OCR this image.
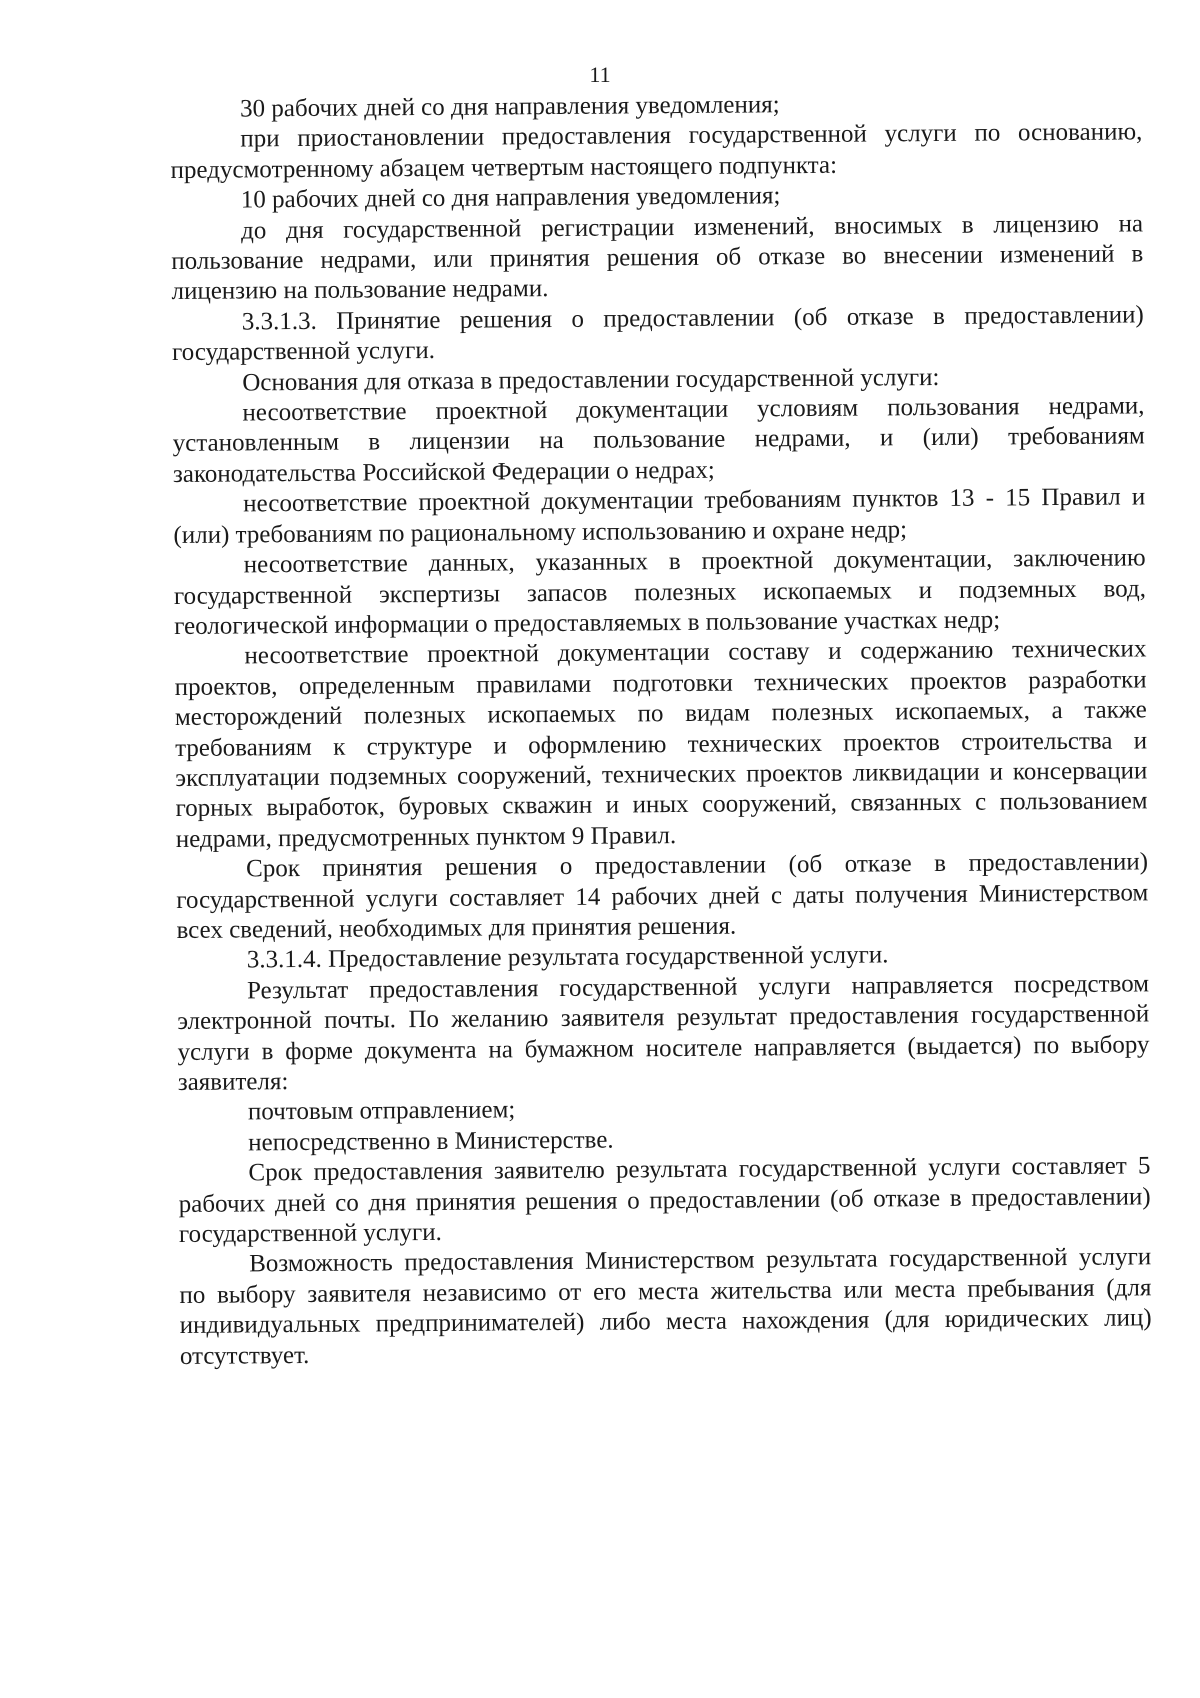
11

30 рабочих дней со дня направления уведомления;

при приостановлении предоставления государственной услуги по основанию, предусмотренному абзацем четвертым настоящего подпункта:

10 рабочих дней со дня направления уведомления;

до дня государственной регистрации изменений, вносимых в лицензию на пользование недрами, или принятия решения об отказе во внесении изменений в лицензию на пользование недрами.

3.3.1.3. Принятие решения о предоставлении (об отказе в предоставлении) государственной услуги.

Основания для отказа в предоставлении государственной услуги:

несоответствие проектной документации условиям пользования недрами, установленным в лицензии на пользование недрами, и (или) требованиям законодательства Российской Федерации о недрах;

несоответствие проектной документации требованиям пунктов 13 - 15 Правил и (или) требованиям по рациональному использованию и охране недр;

несоответствие данных, указанных в проектной документации, заключению государственной экспертизы запасов полезных ископаемых и подземных вод, геологической информации о предоставляемых в пользование участках недр;

несоответствие проектной документации составу и содержанию технических проектов, определенным правилами подготовки технических проектов разработки месторождений полезных ископаемых по видам полезных ископаемых, а также требованиям к структуре и оформлению технических проектов строительства и эксплуатации подземных сооружений, технических проектов ликвидации и консервации горных выработок, буровых скважин и иных сооружений, связанных с пользованием недрами, предусмотренных пунктом 9 Правил.

Срок принятия решения о предоставлении (об отказе в предоставлении) государственной услуги составляет 14 рабочих дней с даты получения Министерством всех сведений, необходимых для принятия решения.

3.3.1.4. Предоставление результата государственной услуги.

Результат предоставления государственной услуги направляется посредством электронной почты. По желанию заявителя результат предоставления государственной услуги в форме документа на бумажном носителе направляется (выдается) по выбору заявителя:

почтовым отправлением;

непосредственно в Министерстве.

Срок предоставления заявителю результата государственной услуги составляет 5 рабочих дней со дня принятия решения о предоставлении (об отказе в предоставлении) государственной услуги.

Возможность предоставления Министерством результата государственной услуги по выбору заявителя независимо от его места жительства или места пребывания (для индивидуальных предпринимателей) либо места нахождения (для юридических лиц) отсутствует.
